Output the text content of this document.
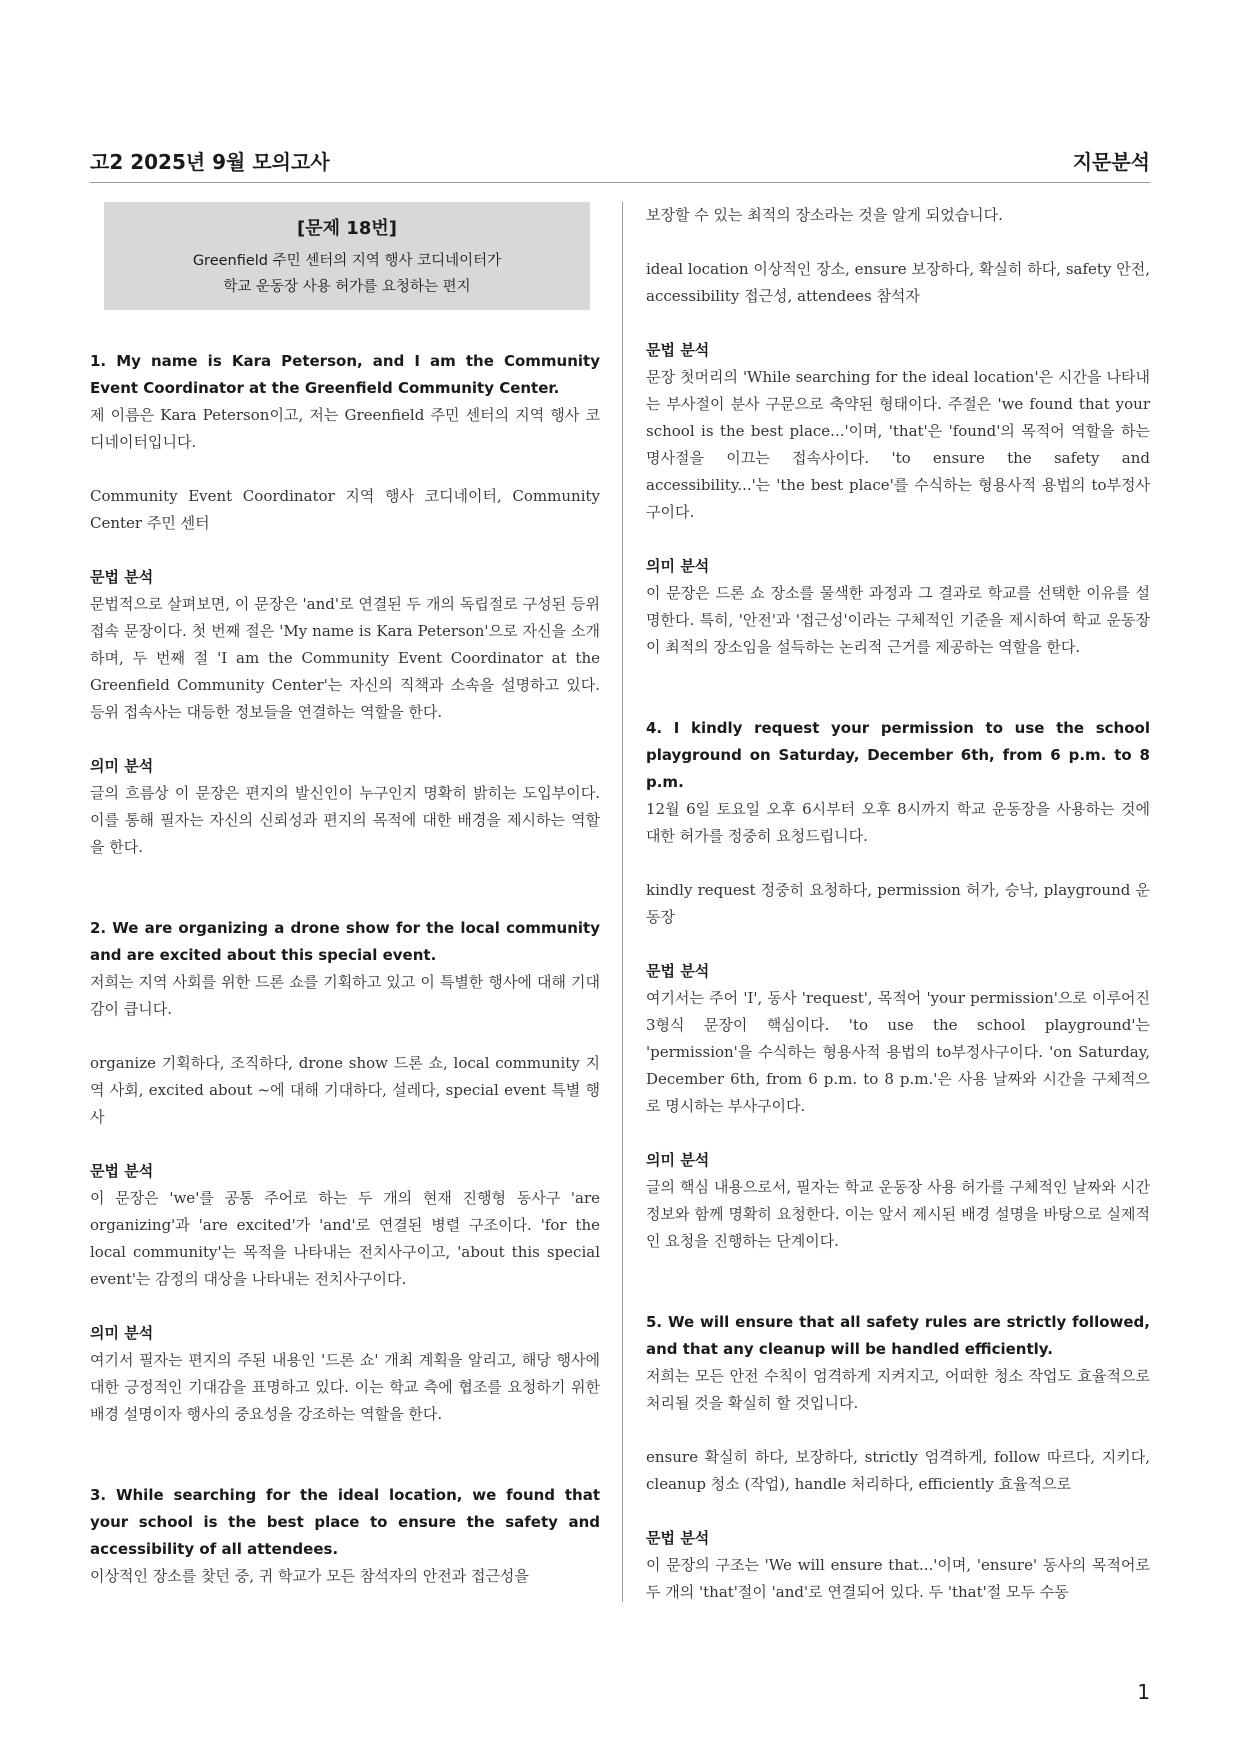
고2 2025년 9월 모의고사	지문분석
[문제 18번]
Greenfield 주민 센터의 지역 행사 코디네이터가
학교 운동장 사용 허가를 요청하는 편지
1. My name is Kara Peterson, and I am the Community Event Coordinator at the Greenfield Community Center.
제 이름은 Kara Peterson이고, 저는 Greenfield 주민 센터의 지역 행사 코디네이터입니다.
Community Event Coordinator 지역 행사 코디네이터, Community Center 주민 센터
문법 분석
문법적으로 살펴보면, 이 문장은 'and'로 연결된 두 개의 독립절로 구성된 등위 접속 문장이다. 첫 번째 절은 'My name is Kara Peterson'으로 자신을 소개하며, 두 번째 절 'I am the Community Event Coordinator at the Greenfield Community Center'는 자신의 직책과 소속을 설명하고 있다. 등위 접속사는 대등한 정보들을 연결하는 역할을 한다.
의미 분석
글의 흐름상 이 문장은 편지의 발신인이 누구인지 명확히 밝히는 도입부이다. 이를 통해 필자는 자신의 신뢰성과 편지의 목적에 대한 배경을 제시하는 역할을 한다.
2. We are organizing a drone show for the local community and are excited about this special event.
저희는 지역 사회를 위한 드론 쇼를 기획하고 있고 이 특별한 행사에 대해 기대감이 큽니다.
organize 기획하다, 조직하다, drone show 드론 쇼, local community 지역 사회, excited about ~에 대해 기대하다, 설레다, special event 특별 행사
문법 분석
이 문장은 'we'를 공통 주어로 하는 두 개의 현재 진행형 동사구 'are organizing'과 'are excited'가 'and'로 연결된 병렬 구조이다. 'for the local community'는 목적을 나타내는 전치사구이고, 'about this special event'는 감정의 대상을 나타내는 전치사구이다.
의미 분석
여기서 필자는 편지의 주된 내용인 '드론 쇼' 개최 계획을 알리고, 해당 행사에 대한 긍정적인 기대감을 표명하고 있다. 이는 학교 측에 협조를 요청하기 위한 배경 설명이자 행사의 중요성을 강조하는 역할을 한다.
3. While searching for the ideal location, we found that your school is the best place to ensure the safety and accessibility of all attendees.
이상적인 장소를 찾던 중, 귀 학교가 모든 참석자의 안전과 접근성을
보장할 수 있는 최적의 장소라는 것을 알게 되었습니다.
ideal location 이상적인 장소, ensure 보장하다, 확실히 하다, safety 안전, accessibility 접근성, attendees 참석자
문법 분석
문장 첫머리의 'While searching for the ideal location'은 시간을 나타내는 부사절이 분사 구문으로 축약된 형태이다. 주절은 'we found that your school is the best place...'이며, 'that'은 'found'의 목적어 역할을 하는 명사절을 이끄는 접속사이다. 'to ensure the safety and accessibility...'는 'the best place'를 수식하는 형용사적 용법의 to부정사구이다.
의미 분석
이 문장은 드론 쇼 장소를 물색한 과정과 그 결과로 학교를 선택한 이유를 설명한다. 특히, '안전'과 '접근성'이라는 구체적인 기준을 제시하여 학교 운동장이 최적의 장소임을 설득하는 논리적 근거를 제공하는 역할을 한다.
4. I kindly request your permission to use the school playground on Saturday, December 6th, from 6 p.m. to 8 p.m.
12월 6일 토요일 오후 6시부터 오후 8시까지 학교 운동장을 사용하는 것에 대한 허가를 정중히 요청드립니다.
kindly request 정중히 요청하다, permission 허가, 승낙, playground 운동장
문법 분석
여기서는 주어 'I', 동사 'request', 목적어 'your permission'으로 이루어진 3형식 문장이 핵심이다. 'to use the school playground'는 'permission'을 수식하는 형용사적 용법의 to부정사구이다. 'on Saturday, December 6th, from 6 p.m. to 8 p.m.'은 사용 날짜와 시간을 구체적으로 명시하는 부사구이다.
의미 분석
글의 핵심 내용으로서, 필자는 학교 운동장 사용 허가를 구체적인 날짜와 시간 정보와 함께 명확히 요청한다. 이는 앞서 제시된 배경 설명을 바탕으로 실제적인 요청을 진행하는 단계이다.
5. We will ensure that all safety rules are strictly followed, and that any cleanup will be handled efficiently.
저희는 모든 안전 수칙이 엄격하게 지켜지고, 어떠한 청소 작업도 효율적으로 처리될 것을 확실히 할 것입니다.
ensure 확실히 하다, 보장하다, strictly 엄격하게, follow 따르다, 지키다, cleanup 청소 (작업), handle 처리하다, efficiently 효율적으로
문법 분석
이 문장의 구조는 'We will ensure that...'이며, 'ensure' 동사의 목적어로 두 개의 'that'절이 'and'로 연결되어 있다. 두 'that'절 모두 수동
1
